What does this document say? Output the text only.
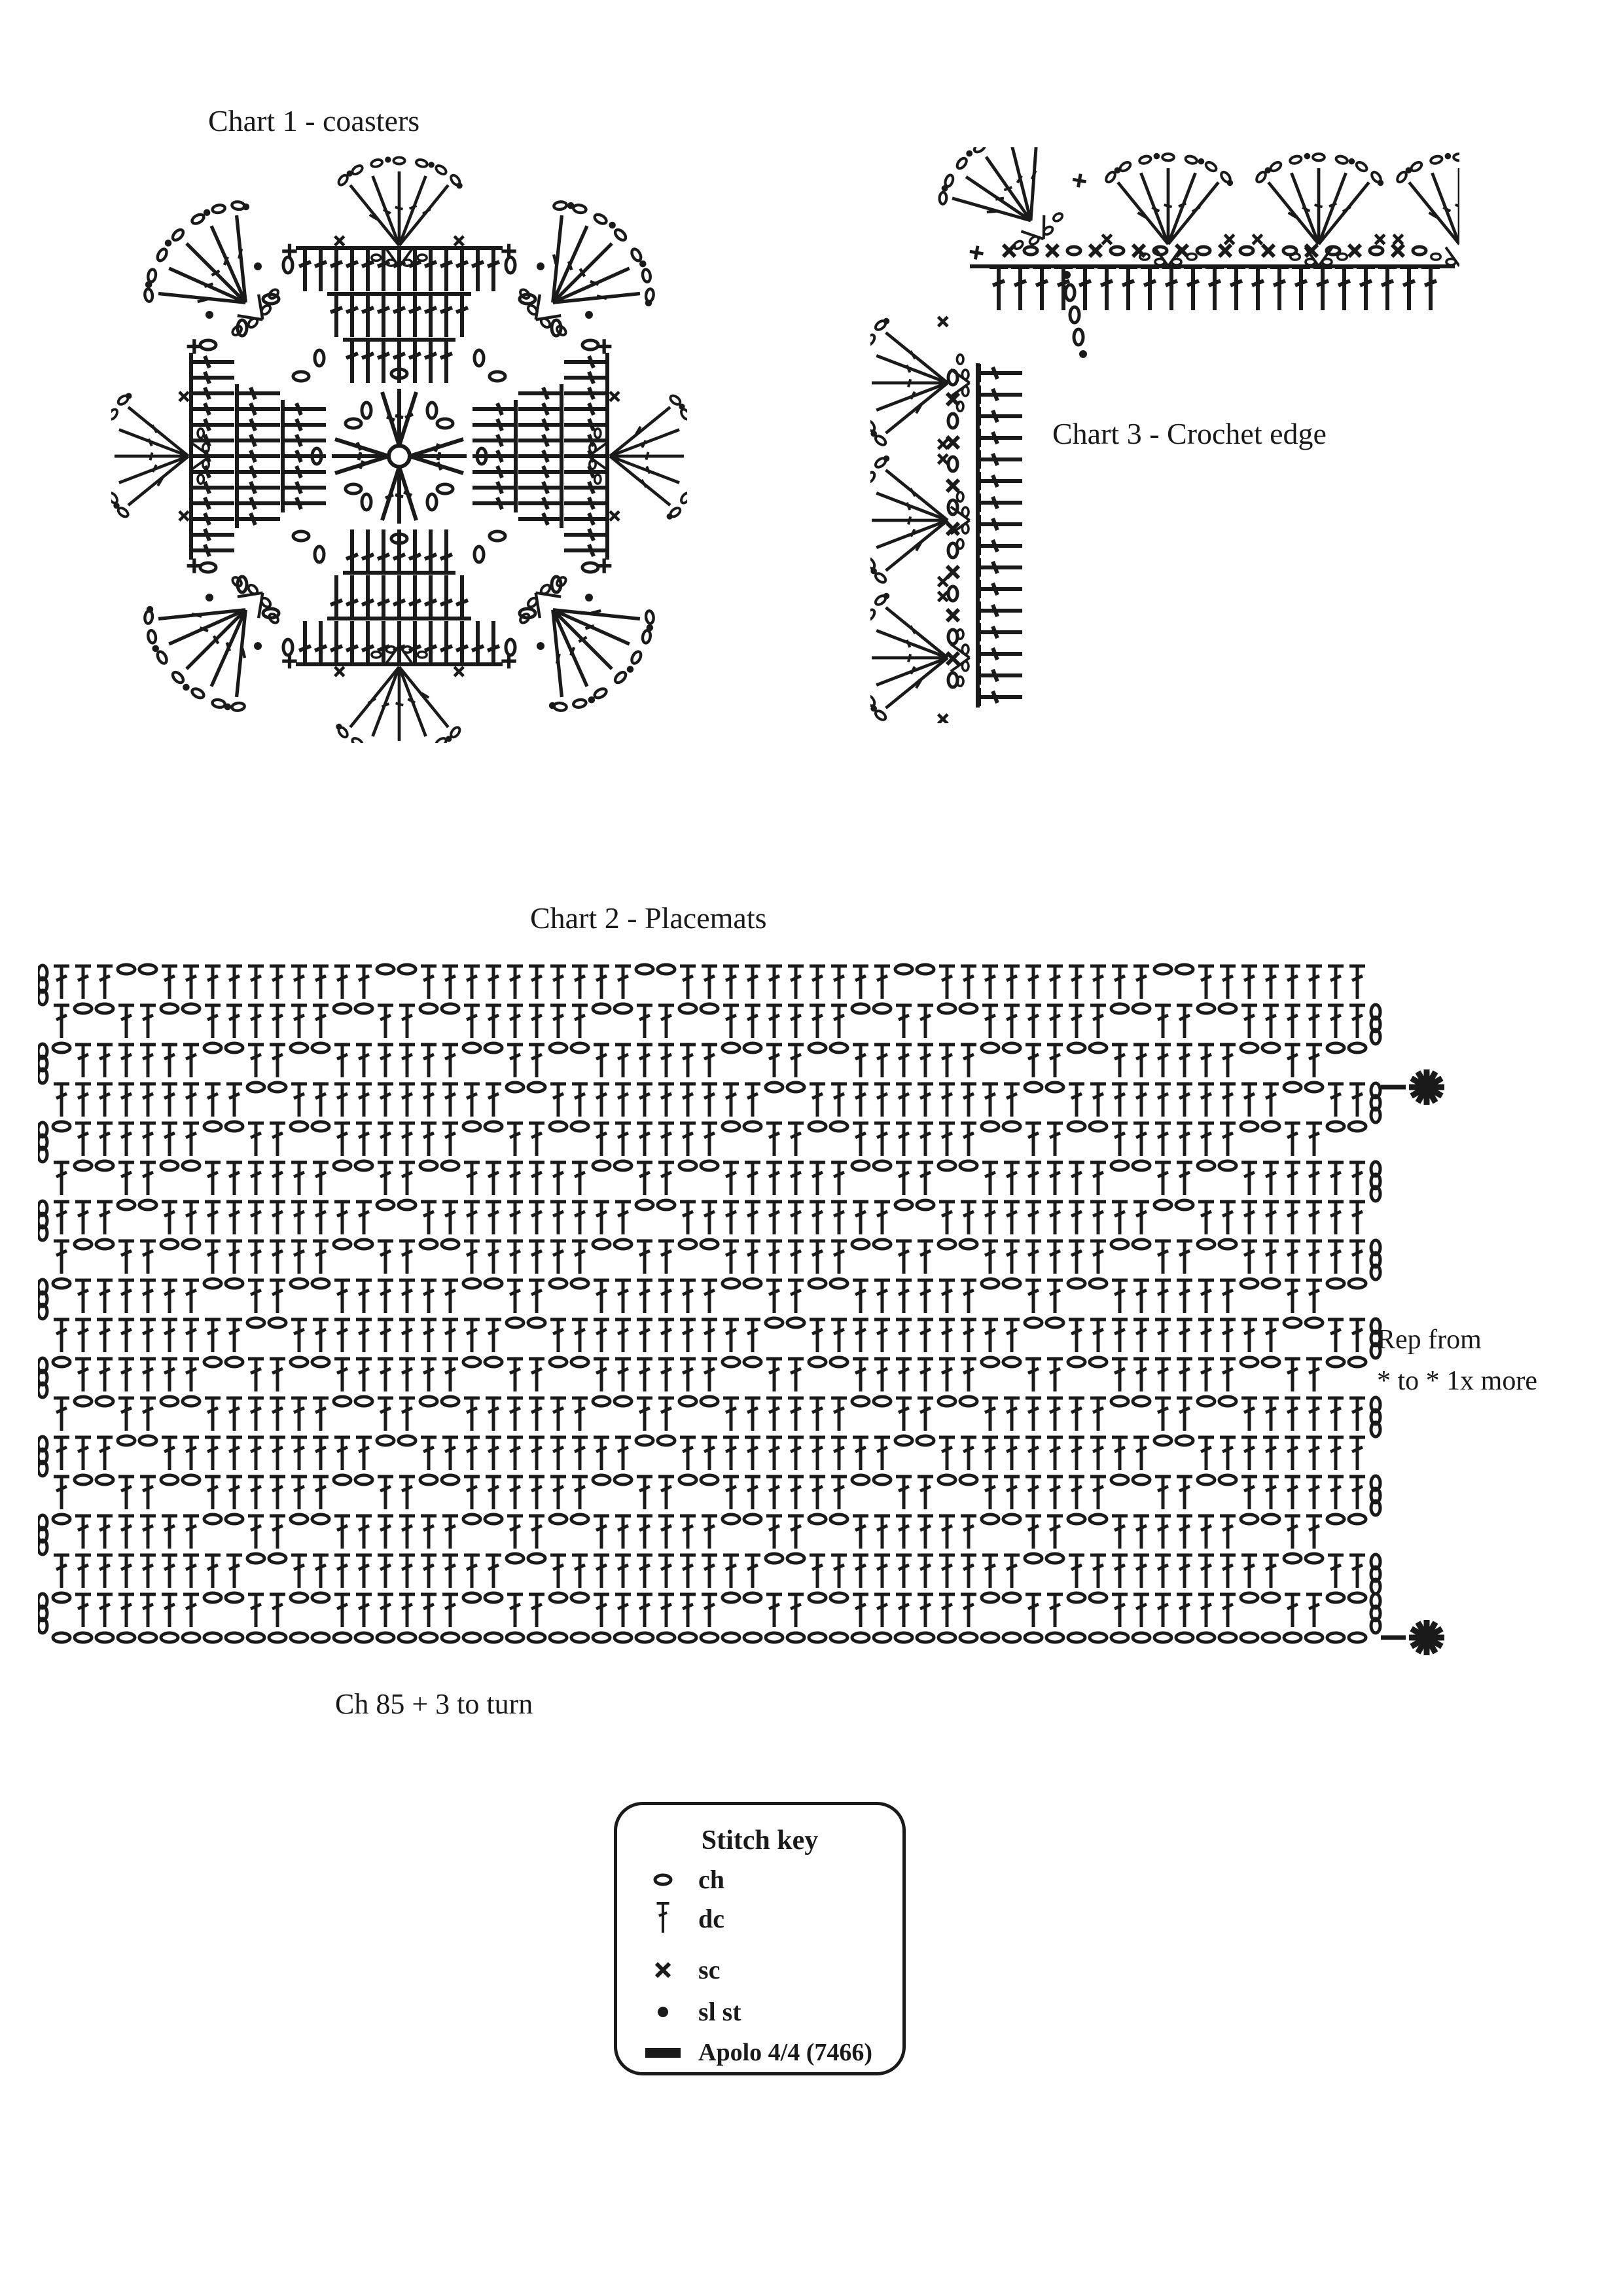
Chart 1 - coasters
Chart 3 - Crochet edge
Chart 2 - Placemats
Rep from
* to * 1x more
Ch 85 + 3 to turn
Stitch key
ch
dc
sc
sl st
Apolo 4/4 (7466)
